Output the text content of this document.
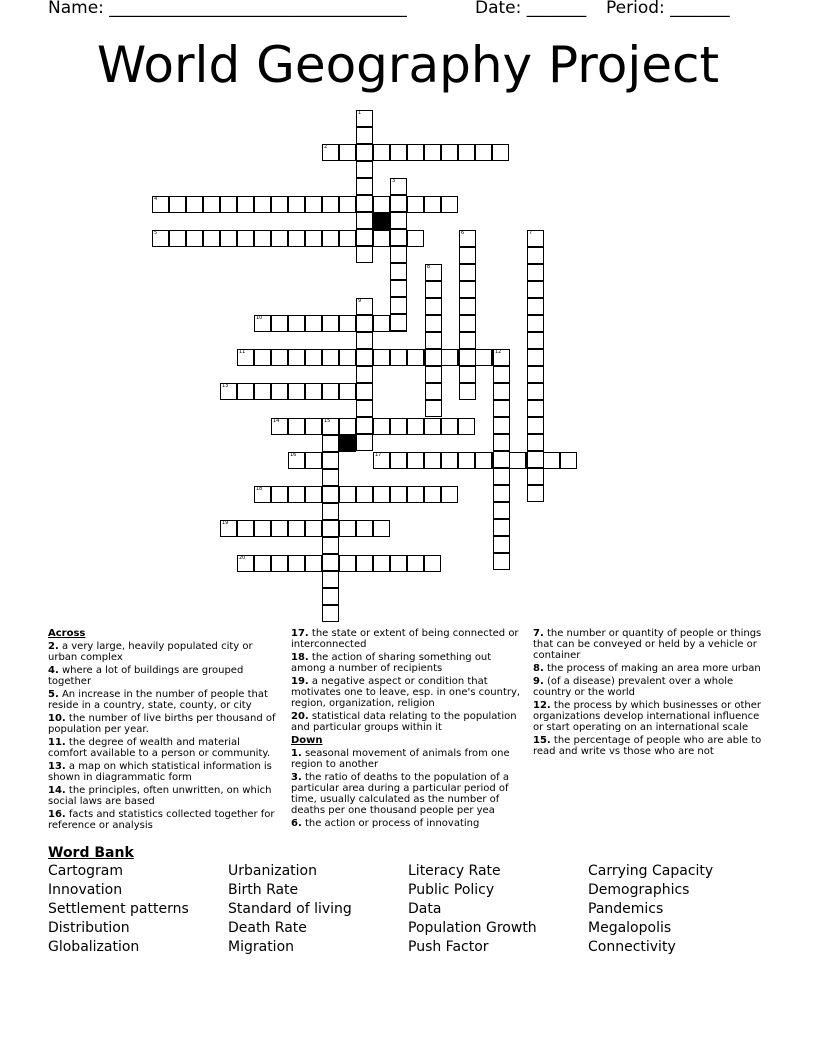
Name: ___________________________________	Date: _______ Period: _______
World Geography Project
1
2
3
4
5	6	7
8
9
10
11	12
13
14	15
16	17
18
19
20
Across
2. a very large, heavily populated city or urban complex
4. where a lot of buildings are grouped together
5. An increase in the number of people that reside in a country, state, county, or city
10. the number of live births per thousand of population per year.
11. the degree of wealth and material comfort available to a person or community.
13. a map on which statistical information is shown in diagrammatic form
14. the principles, often unwritten, on which social laws are based
16. facts and statistics collected together for reference or analysis
17. the state or extent of being connected or interconnected
18. the action of sharing something out among a number of recipients
19. a negative aspect or condition that motivates one to leave, esp. in one's country, region, organization, religion
20. statistical data relating to the population and particular groups within it
Down
1. seasonal movement of animals from one region to another
3. the ratio of deaths to the population of a particular area during a particular period of time, usually calculated as the number of deaths per one thousand people per yea
6. the action or process of innovating
7. the number or quantity of people or things that can be conveyed or held by a vehicle or container
8. the process of making an area more urban
9. (of a disease) prevalent over a whole country or the world
12. the process by which businesses or other organizations develop international influence or start operating on an international scale
15. the percentage of people who are able to read and write vs those who are not
Word Bank
Cartogram
Innovation
Settlement patterns
Distribution
Globalization
Urbanization
Birth Rate
Standard of living
Death Rate
Migration
Literacy Rate
Public Policy
Data
Population Growth
Push Factor
Carrying Capacity
Demographics
Pandemics
Megalopolis
Connectivity
